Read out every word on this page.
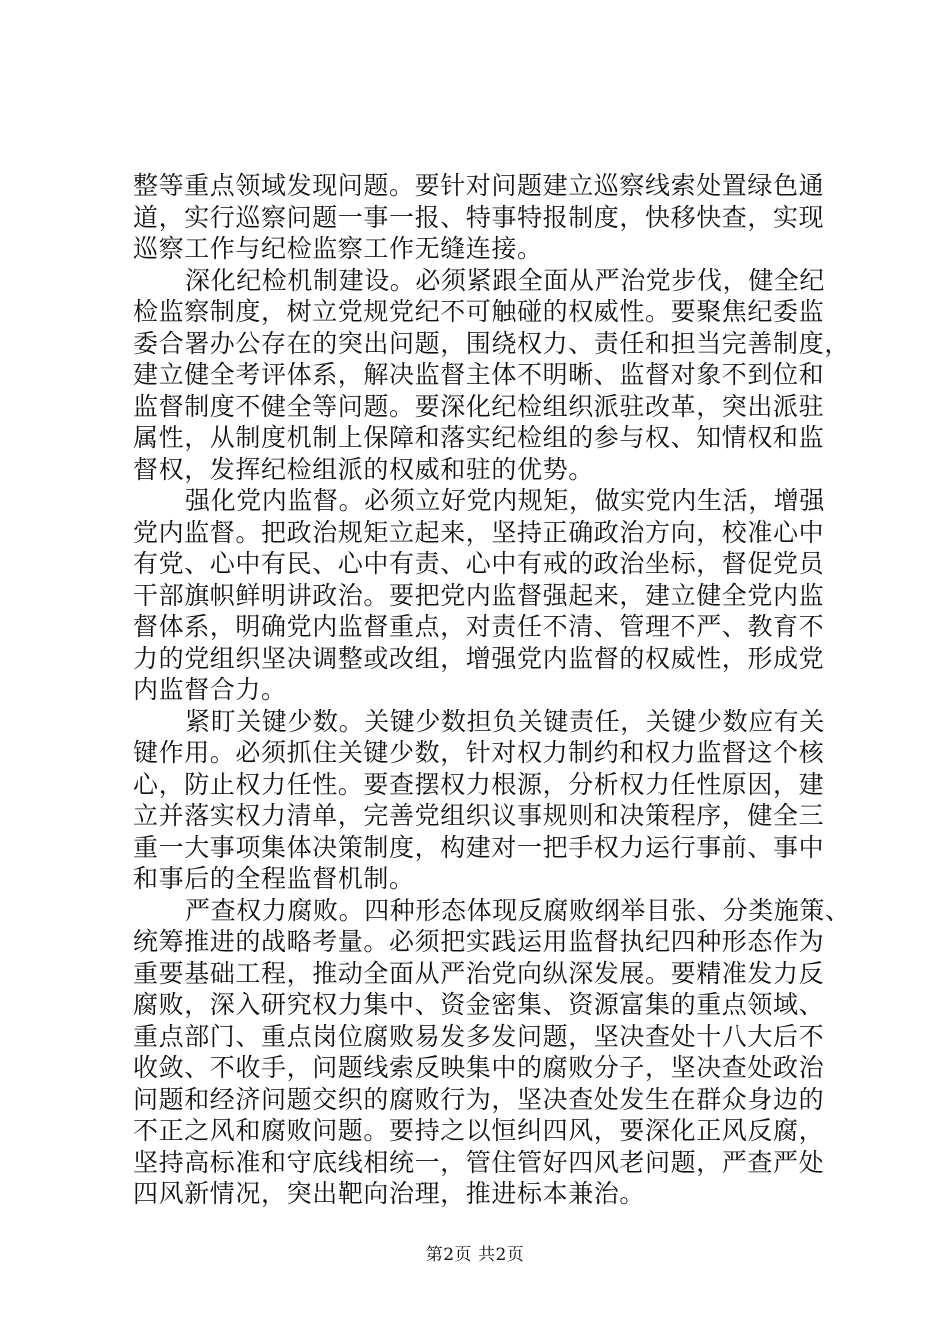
整等重点领域发现问题。要针对问题建立巡察线索处置绿色通
道，实行巡察问题一事一报、特事特报制度，快移快查，实现
巡察工作与纪检监察工作无缝连接。
深化纪检机制建设。必须紧跟全面从严治党步伐，健全纪
检监察制度，树立党规党纪不可触碰的权威性。要聚焦纪委监
委合署办公存在的突出问题，围绕权力、责任和担当完善制度，
建立健全考评体系，解决监督主体不明晰、监督对象不到位和
监督制度不健全等问题。要深化纪检组织派驻改革，突出派驻
属性，从制度机制上保障和落实纪检组的参与权、知情权和监
督权，发挥纪检组派的权威和驻的优势。
强化党内监督。必须立好党内规矩，做实党内生活，增强
党内监督。把政治规矩立起来，坚持正确政治方向，校准心中
有党、心中有民、心中有责、心中有戒的政治坐标，督促党员
干部旗帜鲜明讲政治。要把党内监督强起来，建立健全党内监
督体系，明确党内监督重点，对责任不清、管理不严、教育不
力的党组织坚决调整或改组，增强党内监督的权威性，形成党
内监督合力。
紧盯关键少数。关键少数担负关键责任，关键少数应有关
键作用。必须抓住关键少数，针对权力制约和权力监督这个核
心，防止权力任性。要查摆权力根源，分析权力任性原因，建
立并落实权力清单，完善党组织议事规则和决策程序，健全三
重一大事项集体决策制度，构建对一把手权力运行事前、事中
和事后的全程监督机制。
严查权力腐败。四种形态体现反腐败纲举目张、分类施策、
统筹推进的战略考量。必须把实践运用监督执纪四种形态作为
重要基础工程，推动全面从严治党向纵深发展。要精准发力反
腐败，深入研究权力集中、资金密集、资源富集的重点领域、
重点部门、重点岗位腐败易发多发问题，坚决查处十八大后不
收敛、不收手，问题线索反映集中的腐败分子，坚决查处政治
问题和经济问题交织的腐败行为，坚决查处发生在群众身边的
不正之风和腐败问题。要持之以恒纠四风，要深化正风反腐，
坚持高标准和守底线相统一，管住管好四风老问题，严查严处
四风新情况，突出靶向治理，推进标本兼治。
第2页 共2页
